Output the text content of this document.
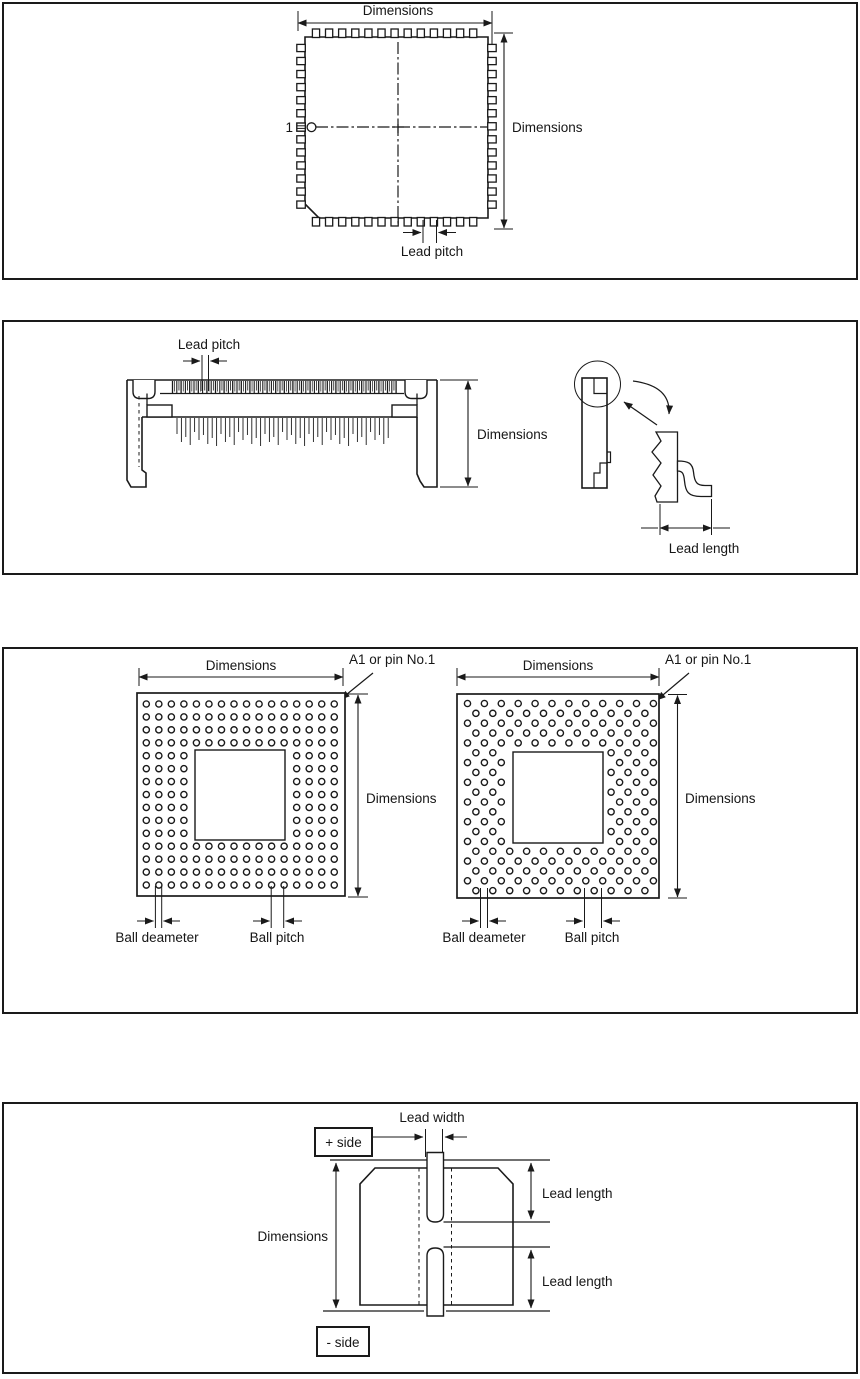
Dimensions
1	Dimensions
Lead pitch
Lead pitch
Dimensions
Lead length
Dimensions	A1 or pin No.1
Dimensions
Ball deameter	Ball pitch
Dimensions	A1 or pin No.1
Dimensions
Ball deameter	Ball pitch
Lead width
+ side
Lead length
Lead length
Dimensions
- side
